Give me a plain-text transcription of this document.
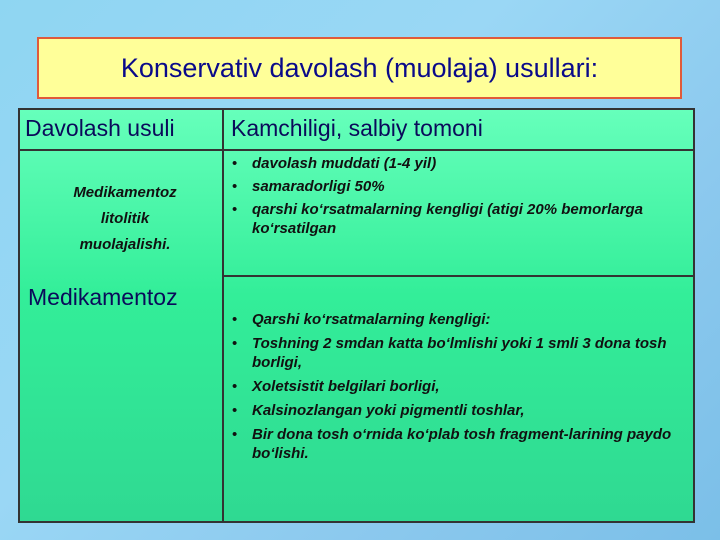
Konservativ davolash (muolaja) usullari:
Davolash usuli Kamchiligi, salbiy tomoni
Medikamentoz
litolitik
muolajalishi.
• davolash muddati (1-4 yil)
• samaradorligi 50%
• qarshi ko‘rsatmalarning kengligi (atigi 20% bemorlarga ko‘rsatilgan
Medikamentoz
• Qarshi ko‘rsatmalarning kengligi:
• Toshning 2 smdan katta bo‘lmlishi yoki 1 smli 3 dona tosh borligi,
• Xoletsistit belgilari borligi,
• Kalsinozlangan yoki pigmentli toshlar,
• Bir dona tosh o‘rnida ko‘plab tosh fragment-larining paydo bo‘lishi.
